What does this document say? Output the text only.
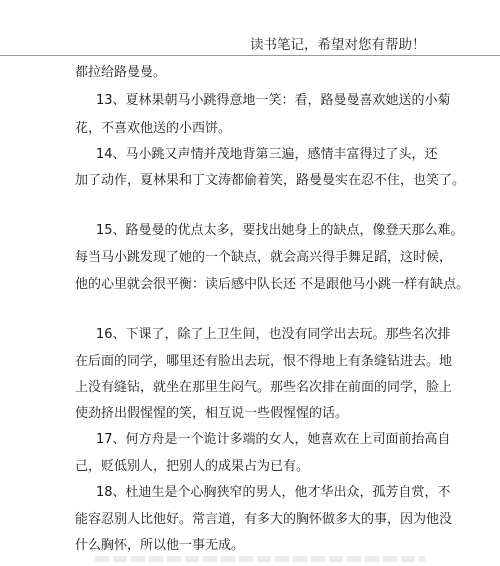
读书笔记，希望对您有帮助！
都拉给路曼曼。
13、夏林果朝马小跳得意地一笑：看，路曼曼喜欢她送的小菊
花，不喜欢他送的小西饼。
14、马小跳又声情并茂地背第三遍，感情丰富得过了头，还
加了动作，夏林果和丁文涛都偷着笑，路曼曼实在忍不住，也笑了。
15、路曼曼的优点太多，要找出她身上的缺点，像登天那么难。
每当马小跳发现了她的一个缺点，就会高兴得手舞足蹈，这时候，
他的心里就会很平衡：读后感中队长还 不是跟他马小跳一样有缺点。
16、下课了，除了上卫生间，也没有同学出去玩。那些名次排
在后面的同学，哪里还有脸出去玩，恨不得地上有条缝钻进去。地
上没有缝钻，就坐在那里生闷气。那些名次排在前面的同学，脸上
使劲挤出假惺惺的笑，相互说一些假惺惺的话。
17、何方舟是一个诡计多端的女人，她喜欢在上司面前抬高自
己，贬低别人，把别人的成果占为已有。
18、杜迪生是个心胸狭窄的男人，他才华出众，孤芳自赏，不
能容忍别人比他好。常言道，有多大的胸怀做多大的事，因为他没
什么胸怀，所以他一事无成。
